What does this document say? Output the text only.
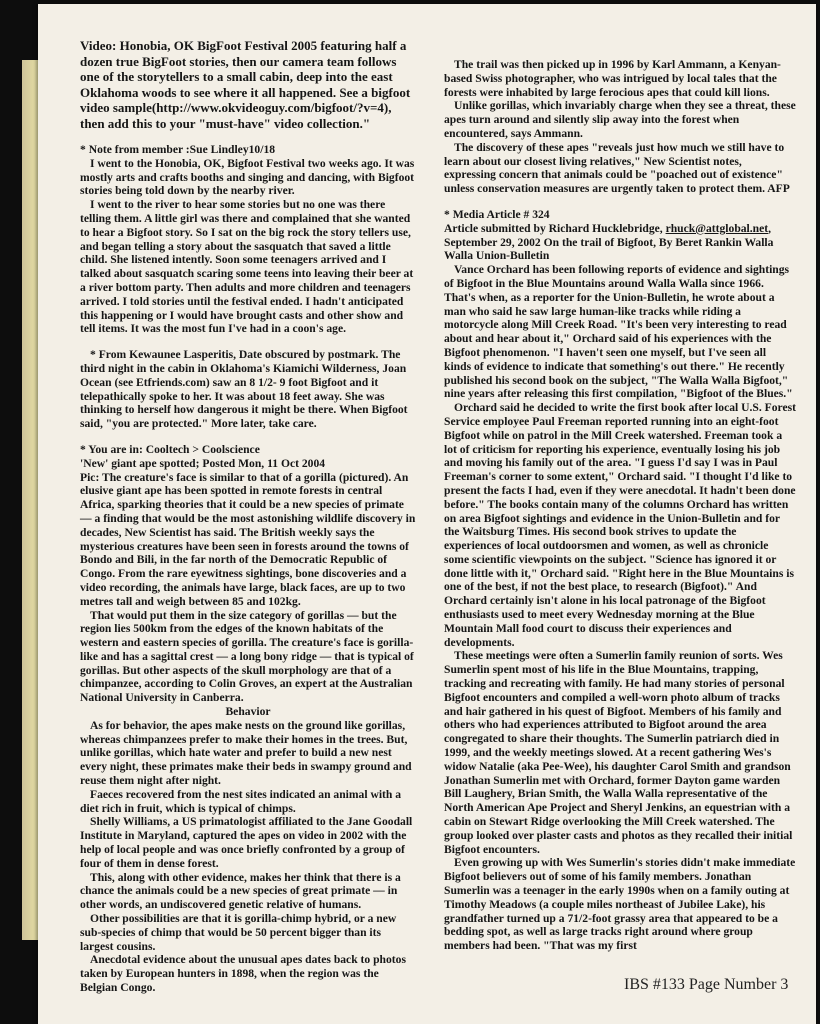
Video: Honobia, OK BigFoot Festival 2005 featuring half a dozen true BigFoot stories, then our camera team follows one of the storytellers to a small cabin, deep into the east Oklahoma woods to see where it all happened. See a bigfoot video sample(http://www.okvideoguy.com/bigfoot/?v=4), then add this to your "must-have" video collection."

* Note from member :Sue Lindley10/18

I went to the Honobia, OK, Bigfoot Festival two weeks ago. It was mostly arts and crafts booths and singing and dancing, with Bigfoot stories being told down by the nearby river.

I went to the river to hear some stories but no one was there telling them. A little girl was there and complained that she wanted to hear a Bigfoot story. So I sat on the big rock the story tellers use, and began telling a story about the sasquatch that saved a little child. She listened intently. Soon some teenagers arrived and I talked about sasquatch scaring some teens into leaving their beer at a river bottom party. Then adults and more children and teenagers arrived. I told stories until the festival ended. I hadn't anticipated this happening or I would have brought casts and other show and tell items. It was the most fun I've had in a coon's age.

* From Kewaunee Lasperitis, Date obscured by postmark. The third night in the cabin in Oklahoma's Kiamichi Wilderness, Joan Ocean (see Etfriends.com) saw an 8 1/2- 9 foot Bigfoot and it telepathically spoke to her. It was about 18 feet away. She was thinking to herself how dangerous it might be there. When Bigfoot said, "you are protected." More later, take care.

* You are in: Cooltech > Coolscience

'New' giant ape spotted; Posted Mon, 11 Oct 2004

Pic: The creature's face is similar to that of a gorilla (pictured). An elusive giant ape has been spotted in remote forests in central Africa, sparking theories that it could be a new species of primate — a finding that would be the most astonishing wildlife discovery in decades, New Scientist has said. The British weekly says the mysterious creatures have been seen in forests around the towns of Bondo and Bili, in the far north of the Democratic Republic of Congo. From the rare eyewitness sightings, bone discoveries and a video recording, the animals have large, black faces, are up to two metres tall and weigh between 85 and 102kg.

That would put them in the size category of gorillas — but the region lies 500km from the edges of the known habitats of the western and eastern species of gorilla. The creature's face is gorilla-like and has a sagittal crest — a long bony ridge — that is typical of gorillas. But other aspects of the skull morphology are that of a chimpanzee, according to Colin Groves, an expert at the Australian National University in Canberra.

Behavior

As for behavior, the apes make nests on the ground like gorillas, whereas chimpanzees prefer to make their homes in the trees. But, unlike gorillas, which hate water and prefer to build a new nest every night, these primates make their beds in swampy ground and reuse them night after night.

Faeces recovered from the nest sites indicated an animal with a diet rich in fruit, which is typical of chimps.

Shelly Williams, a US primatologist affiliated to the Jane Goodall Institute in Maryland, captured the apes on video in 2002 with the help of local people and was once briefly confronted by a group of four of them in dense forest.

This, along with other evidence, makes her think that there is a chance the animals could be a new species of great primate — in other words, an undiscovered genetic relative of humans.

Other possibilities are that it is gorilla-chimp hybrid, or a new sub-species of chimp that would be 50 percent bigger than its largest cousins.

Anecdotal evidence about the unusual apes dates back to photos taken by European hunters in 1898, when the region was the Belgian Congo.

The trail was then picked up in 1996 by Karl Ammann, a Kenyan-based Swiss photographer, who was intrigued by local tales that the forests were inhabited by large ferocious apes that could kill lions.

Unlike gorillas, which invariably charge when they see a threat, these apes turn around and silently slip away into the forest when encountered, says Ammann.

The discovery of these apes "reveals just how much we still have to learn about our closest living relatives," New Scientist notes, expressing concern that animals could be "poached out of existence" unless conservation measures are urgently taken to protect them. AFP

* Media Article # 324

Article submitted by Richard Hucklebridge, rhuck@attglobal.net, September 29, 2002 On the trail of Bigfoot, By Beret Rankin Walla Walla Union-Bulletin

Vance Orchard has been following reports of evidence and sightings of Bigfoot in the Blue Mountains around Walla Walla since 1966. That's when, as a reporter for the Union-Bulletin, he wrote about a man who said he saw large human-like tracks while riding a motorcycle along Mill Creek Road. "It's been very interesting to read about and hear about it," Orchard said of his experiences with the Bigfoot phenomenon. "I haven't seen one myself, but I've seen all kinds of evidence to indicate that something's out there." He recently published his second book on the subject, "The Walla Walla Bigfoot," nine years after releasing this first compilation, "Bigfoot of the Blues."

Orchard said he decided to write the first book after local U.S. Forest Service employee Paul Freeman reported running into an eight-foot Bigfoot while on patrol in the Mill Creek watershed. Freeman took a lot of criticism for reporting his experience, eventually losing his job and moving his family out of the area. "I guess I'd say I was in Paul Freeman's corner to some extent," Orchard said. "I thought I'd like to present the facts I had, even if they were anecdotal. It hadn't been done before." The books contain many of the columns Orchard has written on area Bigfoot sightings and evidence in the Union-Bulletin and for the Waitsburg Times. His second book strives to update the experiences of local outdoorsmen and women, as well as chronicle some scientific viewpoints on the subject. "Science has ignored it or done little with it," Orchard said. "Right here in the Blue Mountains is one of the best, if not the best place, to research (Bigfoot)." And Orchard certainly isn't alone in his local patronage of the Bigfoot enthusiasts used to meet every Wednesday morning at the Blue Mountain Mall food court to discuss their experiences and developments.

These meetings were often a Sumerlin family reunion of sorts. Wes Sumerlin spent most of his life in the Blue Mountains, trapping, tracking and recreating with family. He had many stories of personal Bigfoot encounters and compiled a well-worn photo album of tracks and hair gathered in his quest of Bigfoot. Members of his family and others who had experiences attributed to Bigfoot around the area congregated to share their thoughts. The Sumerlin patriarch died in 1999, and the weekly meetings slowed. At a recent gathering Wes's widow Natalie (aka Pee-Wee), his daughter Carol Smith and grandson Jonathan Sumerlin met with Orchard, former Dayton game warden Bill Laughery, Brian Smith, the Walla Walla representative of the North American Ape Project and Sheryl Jenkins, an equestrian with a cabin on Stewart Ridge overlooking the Mill Creek watershed. The group looked over plaster casts and photos as they recalled their initial Bigfoot encounters.

Even growing up with Wes Sumerlin's stories didn't make immediate Bigfoot believers out of some of his family members. Jonathan Sumerlin was a teenager in the early 1990s when on a family outing at Timothy Meadows (a couple miles northeast of Jubilee Lake), his grandfather turned up a 71/2-foot grassy area that appeared to be a bedding spot, as well as large tracks right around where group members had been. "That was my first

IBS #133 Page Number 3
